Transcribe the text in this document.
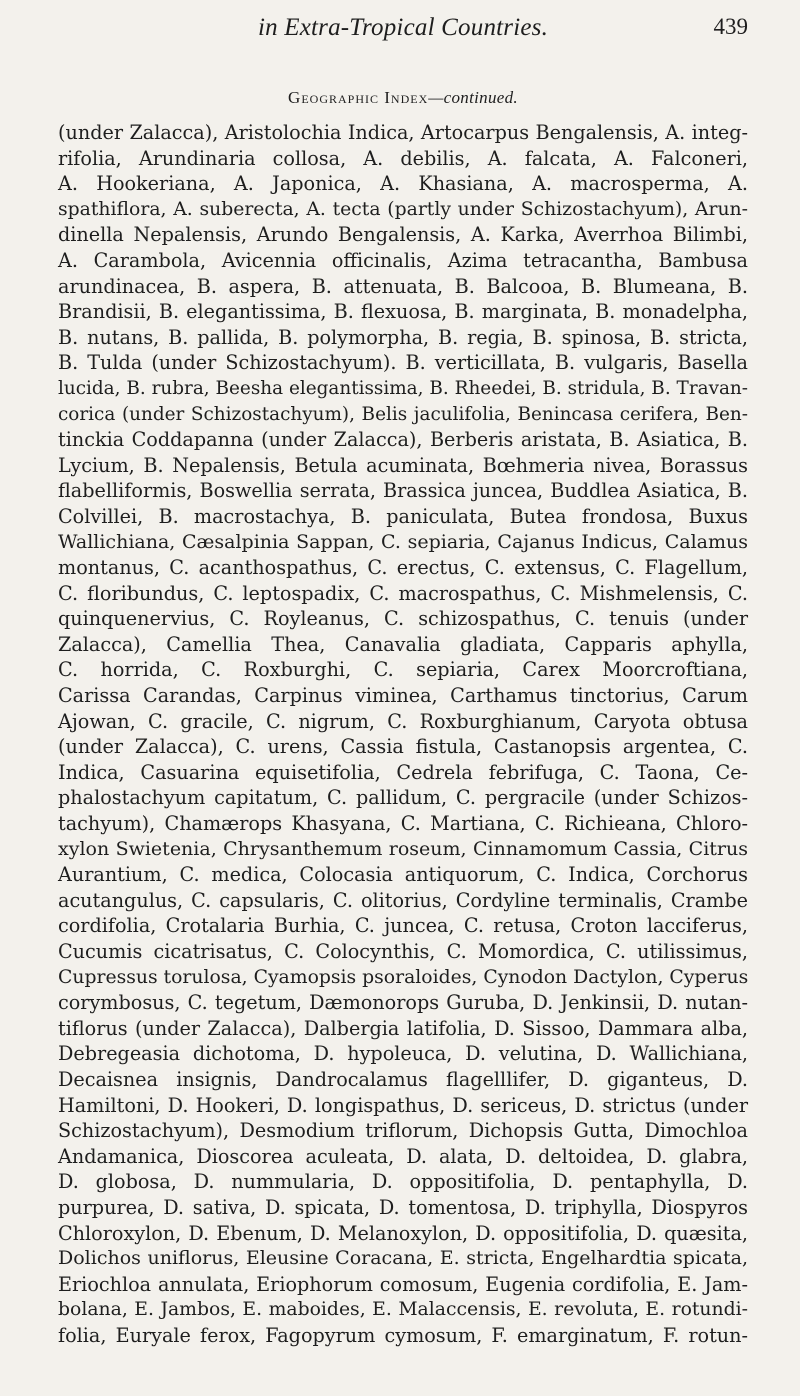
in Extra-Tropical Countries.	439
Geographic Index—continued.
(under Zalacca), Aristolochia Indica, Artocarpus Bengalensis, A. integ-
rifolia, Arundinaria collosa, A. debilis, A. falcata, A. Falconeri,
A. Hookeriana, A. Japonica, A. Khasiana, A. macrosperma, A.
spathiflora, A. suberecta, A. tecta (partly under Schizostachyum), Arun-
dinella Nepalensis, Arundo Bengalensis, A. Karka, Averrhoa Bilimbi,
A. Carambola, Avicennia officinalis, Azima tetracantha, Bambusa
arundinacea, B. aspera, B. attenuata, B. Balcooa, B. Blumeana, B.
Brandisii, B. elegantissima, B. flexuosa, B. marginata, B. monadelpha,
B. nutans, B. pallida, B. polymorpha, B. regia, B. spinosa, B. stricta,
B. Tulda (under Schizostachyum). B. verticillata, B. vulgaris, Basella
lucida, B. rubra, Beesha elegantissima, B. Rheedei, B. stridula, B. Travan-
corica (under Schizostachyum), Belis jaculifolia, Benincasa cerifera, Ben-
tinckia Coddapanna (under Zalacca), Berberis aristata, B. Asiatica, B.
Lycium, B. Nepalensis, Betula acuminata, Bœhmeria nivea, Borassus
flabelliformis, Boswellia serrata, Brassica juncea, Buddlea Asiatica, B.
Colvillei, B. macrostachya, B. paniculata, Butea frondosa, Buxus
Wallichiana, Cæsalpinia Sappan, C. sepiaria, Cajanus Indicus, Calamus
montanus, C. acanthospathus, C. erectus, C. extensus, C. Flagellum,
C. floribundus, C. leptospadix, C. macrospathus, C. Mishmelensis, C.
quinquenervius, C. Royleanus, C. schizospathus, C. tenuis (under
Zalacca), Camellia Thea, Canavalia gladiata, Capparis aphylla,
C. horrida, C. Roxburghi, C. sepiaria, Carex Moorcroftiana,
Carissa Carandas, Carpinus viminea, Carthamus tinctorius, Carum
Ajowan, C. gracile, C. nigrum, C. Roxburghianum, Caryota obtusa
(under Zalacca), C. urens, Cassia fistula, Castanopsis argentea, C.
Indica, Casuarina equisetifolia, Cedrela febrifuga, C. Taona, Ce-
phalostachyum capitatum, C. pallidum, C. pergracile (under Schizos-
tachyum), Chamærops Khasyana, C. Martiana, C. Richieana, Chloro-
xylon Swietenia, Chrysanthemum roseum, Cinnamomum Cassia, Citrus
Aurantium, C. medica, Colocasia antiquorum, C. Indica, Corchorus
acutangulus, C. capsularis, C. olitorius, Cordyline terminalis, Crambe
cordifolia, Crotalaria Burhia, C. juncea, C. retusa, Croton lacciferus,
Cucumis cicatrisatus, C. Colocynthis, C. Momordica, C. utilissimus,
Cupressus torulosa, Cyamopsis psoraloides, Cynodon Dactylon, Cyperus
corymbosus, C. tegetum, Dæmonorops Guruba, D. Jenkinsii, D. nutan-
tiflorus (under Zalacca), Dalbergia latifolia, D. Sissoo, Dammara alba,
Debregeasia dichotoma, D. hypoleuca, D. velutina, D. Wallichiana,
Decaisnea insignis, Dandrocalamus flagelllifer, D. giganteus, D.
Hamiltoni, D. Hookeri, D. longispathus, D. sericeus, D. strictus (under
Schizostachyum), Desmodium triflorum, Dichopsis Gutta, Dimochloa
Andamanica, Dioscorea aculeata, D. alata, D. deltoidea, D. glabra,
D. globosa, D. nummularia, D. oppositifolia, D. pentaphylla, D.
purpurea, D. sativa, D. spicata, D. tomentosa, D. triphylla, Diospyros
Chloroxylon, D. Ebenum, D. Melanoxylon, D. oppositifolia, D. quæsita,
Dolichos uniflorus, Eleusine Coracana, E. stricta, Engelhardtia spicata,
Eriochloa annulata, Eriophorum comosum, Eugenia cordifolia, E. Jam-
bolana, E. Jambos, E. maboides, E. Malaccensis, E. revoluta, E. rotundi-
folia, Euryale ferox, Fagopyrum cymosum, F. emarginatum, F. rotun-
